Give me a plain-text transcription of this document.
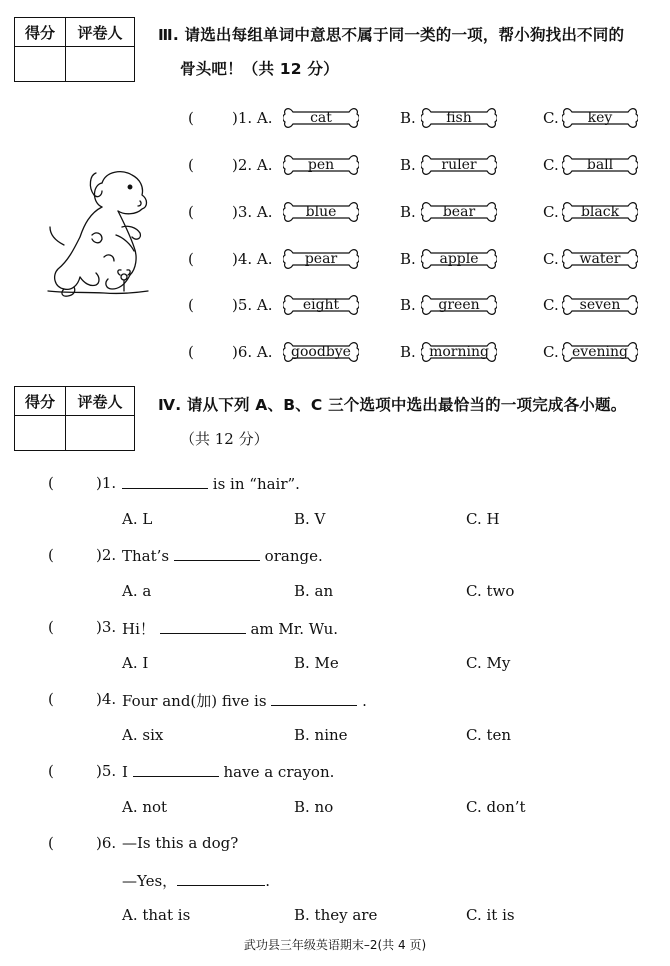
得分	评卷人
	Ⅲ. 请选出每组单词中意思不属于同一类的一项，帮小狗找出不同的
骨头吧！（共 12 分）
(	)1. A.	cat	B.	fish	C.	key
(	)2. A.	pen	B.	ruler	C.	ball
(	)3. A.	blue	B.	bear	C.	black
(	)4. A.	pear	B.	apple	C.	water
(	)5. A.	eight	B.	green	C.	seven
(	)6. A.	goodbye	B. morning	C. evening
得分	评卷人
	Ⅳ. 请从下列 A、B、C 三个选项中选出最恰当的一项完成各小题。
（共 12 分）
(	)1.	is in “hair”.
A. L	B. V	C. H
(	)2. That’s	orange.
A. a	B. an	C. two
(	)3. Hi！	am Mr. Wu.
A. I	B. Me	C. My
(	)4. Four and(加) five is	.
A. six	B. nine	C. ten
(	)5. I	have a crayon.
A. not	B. no	C. don’t
(	)6. —Is this a dog?
—Yes，	.
A. that is	B. they are	C. it is
武功县三年级英语期末–2(共 4 页)
